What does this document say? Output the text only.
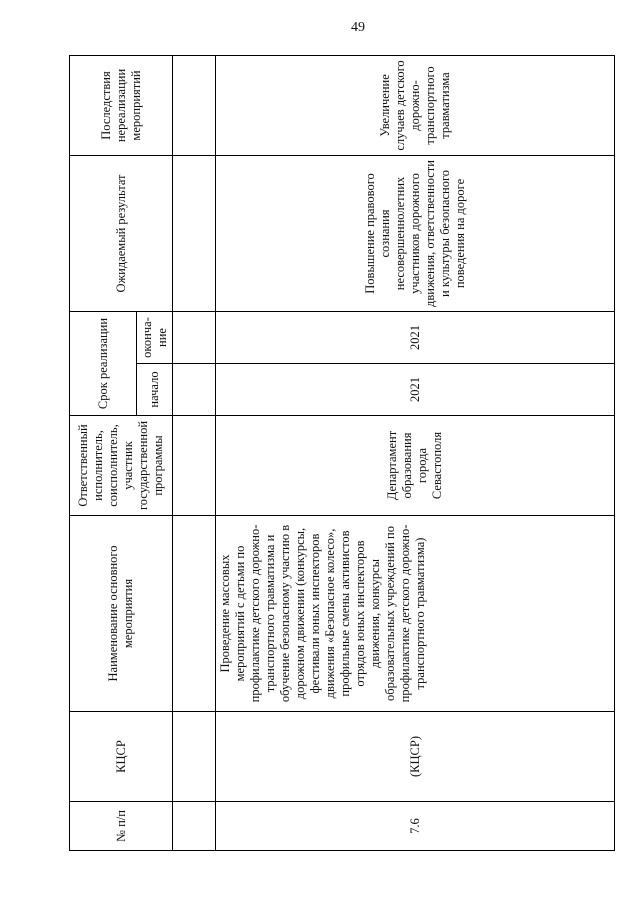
49
№ п/п	КЦСР	Наименование основного мероприятия	Ответственный исполнитель, соисполнитель, участник государственной программы	Срок реализации		Ожидаемый результат	Последствия нереализации мероприятий
				начало	оконча-ние		

7.6	(КЦСР)	Проведение массовых мероприятий с детьми по профилактике детского дорожно-транспортного травматизма и обучение безопасному участию в дорожном движении (конкурсы, фестивали юных инспекторов движения «Безопасное колесо», профильные смены активистов отрядов юных инспекторов движения, конкурсы образовательных учреждений по профилактике детского дорожно-транспортного травматизма)	Департамент образования города Севастополя	2021	2021	Повышение правового сознания несовершеннолетних участников дорожного движения, ответственности и культуры безопасного поведения на дороге	Увеличение случаев детского дорожно-транспортного травматизма
